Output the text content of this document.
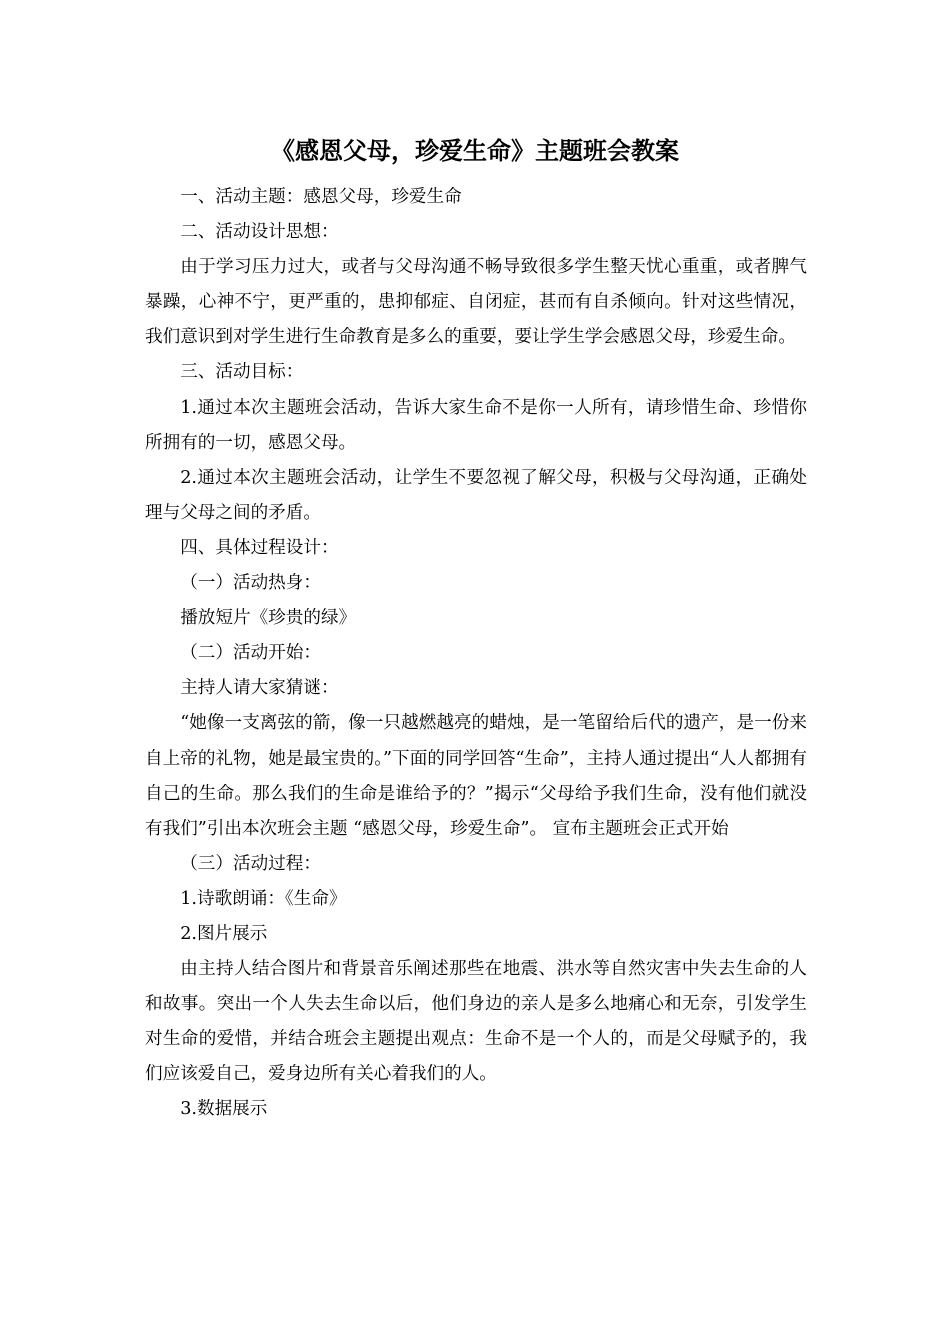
《感恩父母，珍爱生命》主题班会教案

一、活动主题：感恩父母，珍爱生命

二、活动设计思想：

由于学习压力过大，或者与父母沟通不畅导致很多学生整天忧心重重，或者脾气暴躁，心神不宁，更严重的，患抑郁症、自闭症，甚而有自杀倾向。针对这些情况，我们意识到对学生进行生命教育是多么的重要，要让学生学会感恩父母，珍爱生命。

三、活动目标：

1.通过本次主题班会活动，告诉大家生命不是你一人所有，请珍惜生命、珍惜你所拥有的一切，感恩父母。

2.通过本次主题班会活动，让学生不要忽视了解父母，积极与父母沟通，正确处理与父母之间的矛盾。

四、具体过程设计：

（一）活动热身：

播放短片《珍贵的绿》

（二）活动开始：

主持人请大家猜谜：

“她像一支离弦的箭，像一只越燃越亮的蜡烛，是一笔留给后代的遗产，是一份来自上帝的礼物，她是最宝贵的。”下面的同学回答“生命”，主持人通过提出“人人都拥有自己的生命。那么我们的生命是谁给予的？”揭示“父母给予我们生命，没有他们就没有我们”引出本次班会主题 “感恩父母，珍爱生命”。 宣布主题班会正式开始

（三）活动过程：

1.诗歌朗诵：《生命》

2.图片展示

由主持人结合图片和背景音乐阐述那些在地震、洪水等自然灾害中失去生命的人和故事。突出一个人失去生命以后，他们身边的亲人是多么地痛心和无奈，引发学生对生命的爱惜，并结合班会主题提出观点：生命不是一个人的，而是父母赋予的，我们应该爱自己，爱身边所有关心着我们的人。

3.数据展示
